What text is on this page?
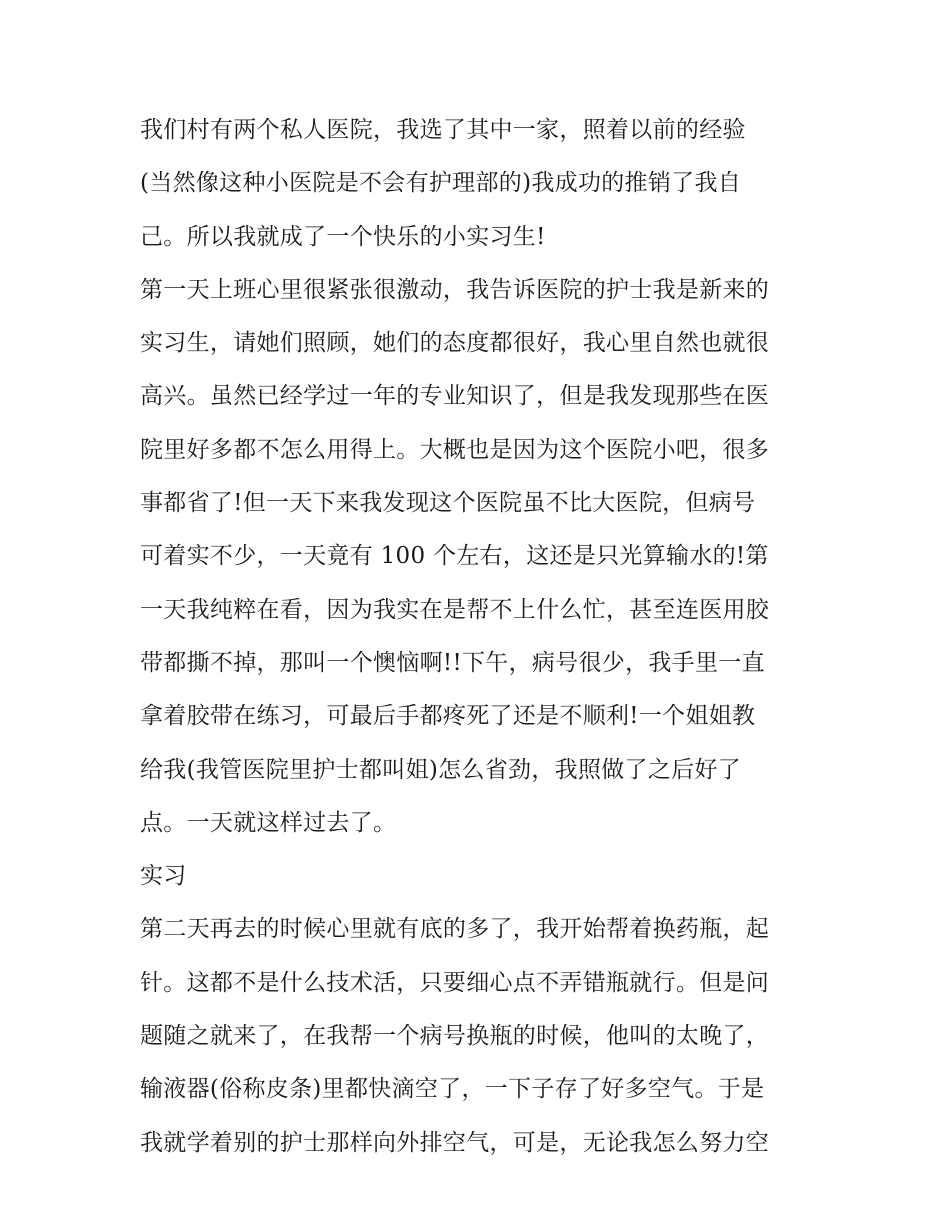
我们村有两个私人医院，我选了其中一家，照着以前的经验
(当然像这种小医院是不会有护理部的)我成功的推销了我自
己。所以我就成了一个快乐的小实习生!
第一天上班心里很紧张很激动，我告诉医院的护士我是新来的
实习生，请她们照顾，她们的态度都很好，我心里自然也就很
高兴。虽然已经学过一年的专业知识了，但是我发现那些在医
院里好多都不怎么用得上。大概也是因为这个医院小吧，很多
事都省了!但一天下来我发现这个医院虽不比大医院，但病号
可着实不少，一天竟有 100 个左右，这还是只光算输水的!第
一天我纯粹在看，因为我实在是帮不上什么忙，甚至连医用胶
带都撕不掉，那叫一个懊恼啊!!下午，病号很少，我手里一直
拿着胶带在练习，可最后手都疼死了还是不顺利!一个姐姐教
给我(我管医院里护士都叫姐)怎么省劲，我照做了之后好了
点。一天就这样过去了。
实习
第二天再去的时候心里就有底的多了，我开始帮着换药瓶，起
针。这都不是什么技术活，只要细心点不弄错瓶就行。但是问
题随之就来了，在我帮一个病号换瓶的时候，他叫的太晚了，
输液器(俗称皮条)里都快滴空了，一下子存了好多空气。于是
我就学着别的护士那样向外排空气，可是，无论我怎么努力空
